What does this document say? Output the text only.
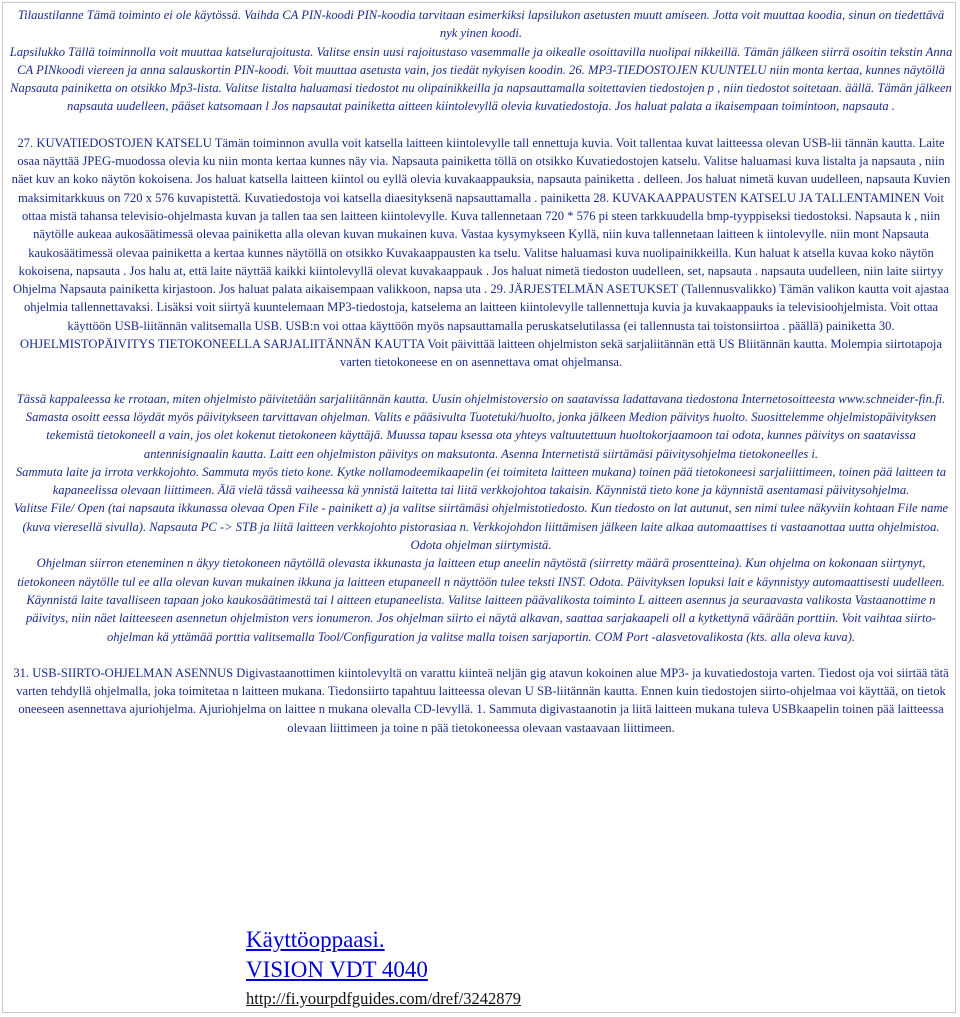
Tilaustilanne Tämä toiminto ei ole käytössä. Vaihda CA PIN-koodi PIN-koodia tarvitaan esimerkiksi lapsilukon asetusten muutt amiseen. Jotta voit muuttaa koodia, sinun on tiedettävä nyk yinen koodi.

Lapsilukko Tällä toiminnolla voit muuttaa katselurajoitusta. Valitse ensin uusi rajoitustaso vasemmalle ja oikealle osoittavilla nuolipai nikkeillä. Tämän jälkeen siirrä osoitin tekstin Anna CA PINkoodi viereen ja anna salauskortin PIN-koodi. Voit muuttaa asetusta vain, jos tiedät nykyisen koodin. 26. MP3-TIEDOSTOJEN KUUNTELU niin monta kertaa, kunnes näytöllä Napsauta painiketta on otsikko Mp3-lista. Valitse listalta haluamasi tiedostot nu olipainikkeilla ja napsauttamalla soitettavien tiedostojen p , niin tiedostot soitetaan. äällä. Tämän jälkeen napsauta uudelleen, pääset katsomaan l Jos napsautat painiketta aitteen kiintolevyllä olevia kuvatiedostoja. Jos haluat palata a ikaisempaan toimintoon, napsauta .

27. KUVATIEDOSTOJEN KATSELU Tämän toiminnon avulla voit katsella laitteen kiintolevylle tall ennettuja kuvia. Voit tallentaa kuvat laitteessa olevan USB-lii tännän kautta. Laite osaa näyttää JPEG-muodossa olevia ku niin monta kertaa kunnes näy via. Napsauta painiketta töllä on otsikko Kuvatiedostojen katselu. Valitse haluamasi kuva listalta ja napsauta , niin näet kuv an koko näytön kokoisena. Jos haluat katsella laitteen kiintol ou eyllä olevia kuvakaappauksia, napsauta painiketta . delleen. Jos haluat nimetä kuvan uudelleen, napsauta Kuvien maksimitarkkuus on 720 x 576 kuvapistettä. Kuvatiedostoja voi katsella diaesityksenä napsauttamalla . painiketta 28. KUVAKAAPPAUSTEN KATSELU JA TALLENTAMINEN Voit ottaa mistä tahansa televisio-ohjelmasta kuvan ja tallen taa sen laitteen kiintolevylle. Kuva tallennetaan 720 * 576 pi steen tarkkuudella bmp-tyyppiseksi tiedostoksi. Napsauta k , niin näytölle aukeaa aukosäätimessä olevaa painiketta alla olevan kuvan mukainen kuva. Vastaa kysymykseen Kyllä, niin kuva tallennetaan laitteen k iintolevylle. niin mont Napsauta kaukosäätimessä olevaa painiketta a kertaa kunnes näytöllä on otsikko Kuvakaappausten ka tselu. Valitse haluamasi kuva nuolipainikkeilla. Kun haluat k atsella kuvaa koko näytön kokoisena, napsauta . Jos halu at, että laite näyttää kaikki kiintolevyllä olevat kuvakaappauk . Jos haluat nimetä tiedoston uudelleen, set, napsauta . napsauta uudelleen, niin laite siirtyy Ohjelma Napsauta painiketta kirjastoon. Jos haluat palata aikaisempaan valikkoon, napsa uta . 29. JÄRJESTELMÄN ASETUKSET (Tallennusvalikko) Tämän valikon kautta voit ajastaa ohjelmia tallennettavaksi. Lisäksi voit siirtyä kuuntelemaan MP3-tiedostoja, katselema an laitteen kiintolevylle tallennettuja kuvia ja kuvakaappauks ia televisioohjelmista. Voit ottaa käyttöön USB-liitännän valitsemalla USB. USB:n voi ottaa käyttöön myös napsauttamalla peruskatselutilassa (ei tallennusta tai toistonsiirtoa . päällä) painiketta 30. OHJELMISTOPÄIVITYS TIETOKONEELLA SARJALIITÄNNÄN KAUTTA Voit päivittää laitteen ohjelmiston sekä sarjaliitännän että US Bliitännän kautta. Molempia siirtotapoja varten tietokoneese en on asennettava omat ohjelmansa.

Tässä kappaleessa ke rrotaan, miten ohjelmisto päivitetään sarjaliitännän kautta. Uusin ohjelmistoversio on saatavissa ladattavana tiedostona Internetosoitteesta www.schneider-fin.fi. Samasta osoitt eessa löydät myös päivitykseen tarvittavan ohjelman. Valits e pääsivulta Tuotetuki/huolto, jonka jälkeen Medion päivitys huolto. Suosittelemme ohjelmistopäivityksen tekemistä tietokoneell a vain, jos olet kokenut tietokoneen käyttäjä. Muussa tapau ksessa ota yhteys valtuutettuun huoltokorjaamoon tai odota, kunnes päivitys on saatavissa antennisignaalin kautta. Laitt een ohjelmiston päivitys on maksutonta. Asenna Internetistä siirtämäsi päivitysohjelma tietokoneelles i.

Sammuta laite ja irrota verkkojohto. Sammuta myös tieto kone. Kytke nollamodeemikaapelin (ei toimiteta laitteen mukana) toinen pää tietokoneesi sarjaliittimeen, toinen pää laitteen ta kapaneelissa olevaan liittimeen. Älä vielä tässä vaiheessa kä ynnistä laitetta tai liitä verkkojohtoa takaisin. Käynnistä tieto kone ja käynnistä asentamasi päivitysohjelma.

Valitse File/ Open (tai napsauta ikkunassa olevaa Open File - painikett a) ja valitse siirtämäsi ohjelmistotiedosto. Kun tiedosto on lat autunut, sen nimi tulee näkyviin kohtaan File name (kuva vieresellä sivulla). Napsauta PC -> STB ja liitä laitteen verkkojohto pistorasiaa n. Verkkojohdon liittämisen jälkeen laite alkaa automaattises ti vastaanottaa uutta ohjelmistoa. Odota ohjelman siirtymistä.

Ohjelman siirron eteneminen n äkyy tietokoneen näytöllä olevasta ikkunasta ja laitteen etup aneelin näytöstä (siirretty määrä prosentteina). Kun ohjelma on kokonaan siirtynyt, tietokoneen näytölle tul ee alla olevan kuvan mukainen ikkuna ja laitteen etupaneell n näyttöön tulee teksti INST. Odota. Päivityksen lopuksi lait e käynnistyy automaattisesti uudelleen. Käynnistä laite tavalliseen tapaan joko kaukosäätimestä tai l aitteen etupaneelista. Valitse laitteen päävalikosta toiminto L aitteen asennus ja seuraavasta valikosta Vastaanottime n päivitys, niin näet laitteeseen asennetun ohjelmiston vers ionumeron. Jos ohjelman siirto ei näytä alkavan, saattaa sarjakaapeli oll a kytkettynä väärään porttiin. Voit vaihtaa siirto-ohjelman kä yttämää porttia valitsemalla Tool/Configuration ja valitse malla toisen sarjaportin. COM Port -alasvetovalikosta (kts. alla oleva kuva).

31. USB-SIIRTO-OHJELMAN ASENNUS Digivastaanottimen kiintolevyltä on varattu kiinteä neljän gig atavun kokoinen alue MP3- ja kuvatiedostoja varten. Tiedost oja voi siirtää tätä varten tehdyllä ohjelmalla, joka toimitetaa n laitteen mukana. Tiedonsiirto tapahtuu laitteessa olevan U SB-liitännän kautta. Ennen kuin tiedostojen siirto-ohjelmaa voi käyttää, on tietok oneeseen asennettava ajuriohjelma. Ajuriohjelma on laittee n mukana olevalla CD-levyllä. 1. Sammuta digivastaanotin ja liitä laitteen mukana tuleva USBkaapelin toinen pää laitteessa olevaan liittimeen ja toine n pää tietokoneessa olevaan vastaavaan liittimeen.

Käyttöoppaasi.
VISION VDT 4040
http://fi.yourpdfguides.com/dref/3242879
